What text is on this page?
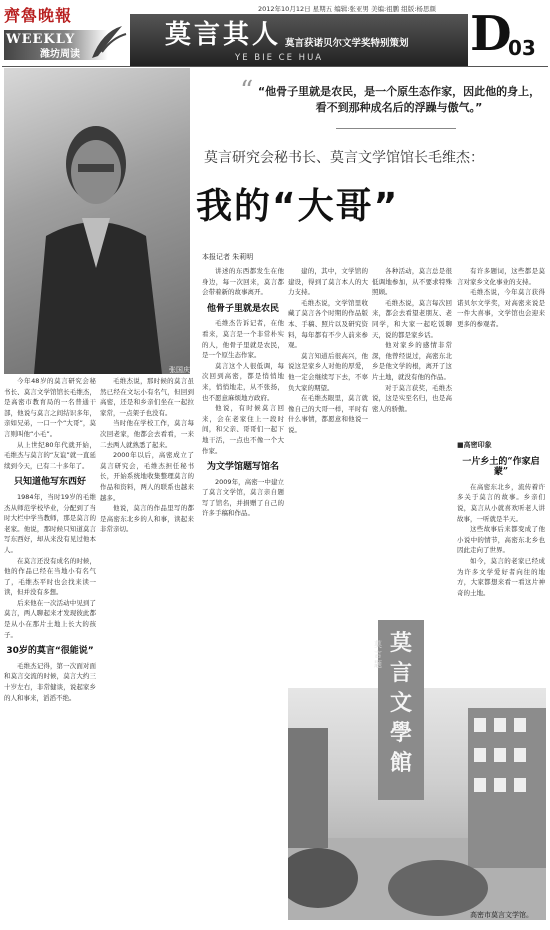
齊魯晚報
WEEKLY
潍坊周读
2012年10月12日 星期五 编辑:张亚男 美编:祖鹏 组版:杨思颜
莫言其人 莫言获诺贝尔文学奖特别策划
YE BIE CE HUA	D
03
张国庆
“ “他骨子里就是农民，是一个原生态作家，因此他的身上，看不到那种成名后的浮躁与傲气。”
莫言研究会秘书长、莫言文学馆馆长毛维杰：
我的“大哥”
本报记者 朱莉明

今年48岁的莫言研究会秘书长、莫言文学馆馆长毛维杰，是高密市教育局的一名普通干部，他说与莫言之间结识多年，亲如兄弟，一口一个“大哥”，莫言则叫他“小毛”。

从上世纪80年代就开始，毛维杰与莫言的“友谊”就一直延续到今天，已有二十多年了。

只知道他写东西好

1984年，当时19岁的毛维杰从师范学校毕业，分配到了当时大栏中学当教师，那是莫言的老家。他说，那时候只知道莫言写东西好，却从来没有见过他本人。

在莫言还没有成名的时候，他的作品已经在当地小有名气了，毛维杰平时也会找来读一读，但并没有多想。

后来他在一次活动中见到了莫言，两人聊起来才发现彼此都是从小在那片土地上长大的孩子。

30岁的莫言“很能说”

毛维杰记得，第一次面对面和莫言交流的时候，莫言大约三十岁左右，非常健谈，说起家乡的人和事来，滔滔不绝。

毛维杰说，那时候的莫言虽然已经在文坛小有名气，但回到高密，还是和乡亲们坐在一起拉家常，一点架子也没有。

当时他在学校工作，莫言每次回老家，他都会去看看，一来二去两人就熟悉了起来。

2000年以后，高密成立了莫言研究会，毛维杰担任秘书长，开始系统地收集整理莫言的作品和资料，两人的联系也越来越多。

他说，莫言的作品里写的都是高密东北乡的人和事，读起来非常亲切。

讲述的东西都发生在他身边，每一次回来，莫言都会带着新的故事离开。

他骨子里就是农民

毛维杰告诉记者，在他看来，莫言是一个非常朴实的人，他骨子里就是农民，是一个原生态作家。

莫言这个人很低调，每次回到高密，都是悄悄地来，悄悄地走，从不张扬，也不愿意麻烦地方政府。

他说，有时候莫言回来，会在老家住上一段时间，和父亲、哥哥们一起下地干活，一点也不像一个大作家。

为文学馆题写馆名

2009年，高密一中建立了莫言文学馆，莫言亲自题写了馆名，并捐赠了自己的许多手稿和作品。

建的，其中，文学馆的建设，得到了莫言本人的大力支持。

毛维杰说，文学馆里收藏了莫言各个时期的作品版本、手稿、照片以及研究资料，每年都有不少人前来参观。

莫言知道后很高兴，他说这是家乡人对他的厚爱，他一定会继续写下去，不辜负大家的期望。

在毛维杰眼里，莫言就像自己的大哥一样，平时有什么事情，都愿意和他说一说。

各种活动，莫言总是很低调地参加，从不要求特殊照顾。

毛维杰说，莫言每次回来，都会去看望老朋友、老同学，和大家一起吃饭聊天，说的都是家乡话。

他对家乡的感情非常深，他曾经说过，高密东北乡是他文学的根，离开了这片土地，就没有他的作品。

对于莫言获奖，毛维杰说，这是实至名归，也是高密人的骄傲。

有许多题词，这些都是莫言对家乡文化事业的支持。

毛维杰说，今年莫言获得诺贝尔文学奖，对高密来说是一件大喜事，文学馆也会迎来更多的参观者。

■高密印象
一片乡土的“作家启蒙”

在高密东北乡，流传着许多关于莫言的故事。乡亲们说，莫言从小就喜欢听老人讲故事，一听就是半天。

这些故事后来都变成了他小说中的情节，高密东北乡也因此走向了世界。

如今，莫言的老家已经成为许多文学爱好者向往的地方，大家都想来看一看这片神奇的土地。

莫言文學館
莫言题
高密市莫言文学馆。
